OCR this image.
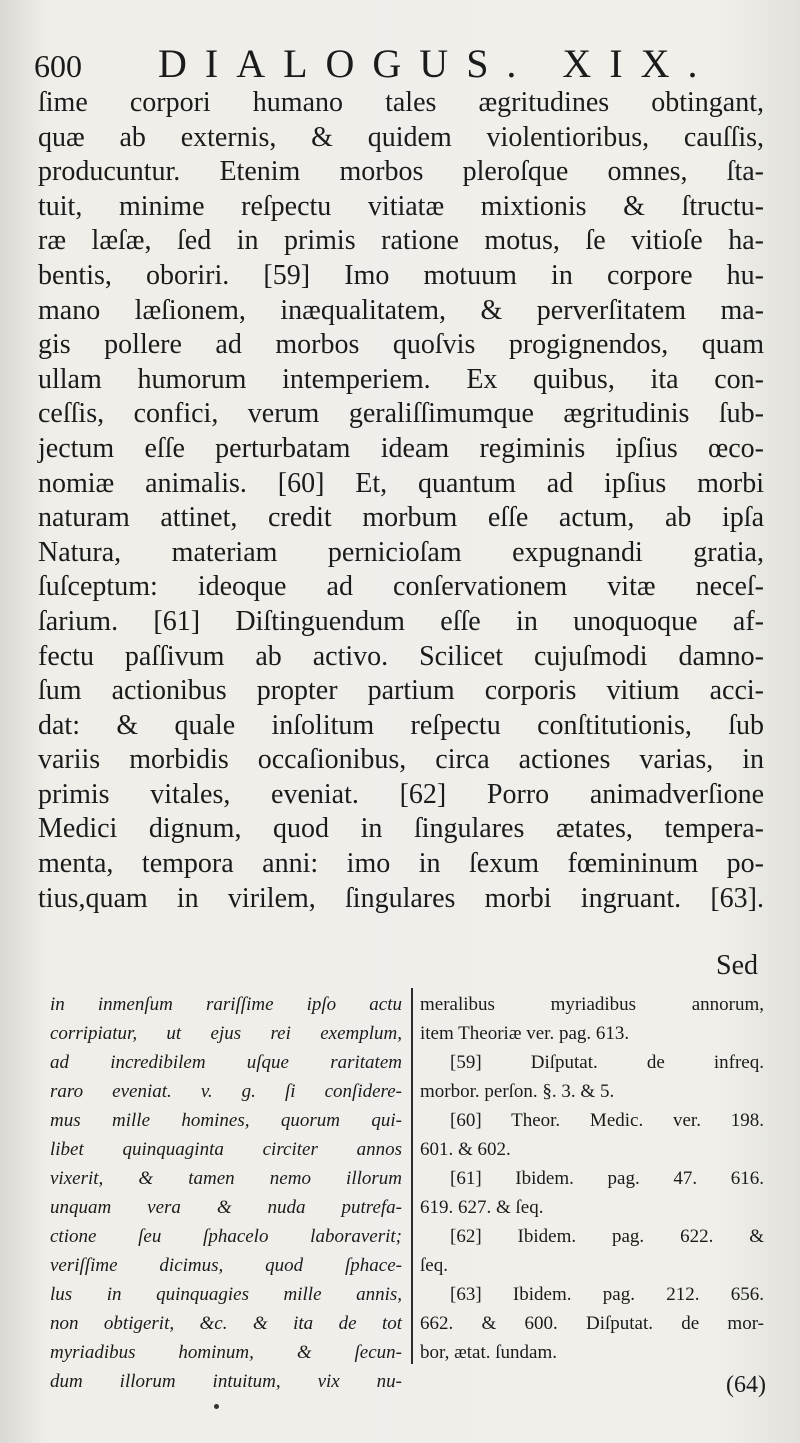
600 DIALOGUS. XIX.
ſime corpori humano tales ægritudines obtingant,
quæ ab externis, & quidem violentioribus, cauſſis,
producuntur. Etenim morbos pleroſque omnes, ſta-
tuit, minime reſpectu vitiatæ mixtionis & ſtructu-
ræ læſæ, ſed in primis ratione motus, ſe vitioſe ha-
bentis, oboriri. [59] Imo motuum in corpore hu-
mano læſionem, inæqualitatem, & perverſitatem ma-
gis pollere ad morbos quoſvis progignendos, quam
ullam humorum intemperiem. Ex quibus, ita con-
ceſſis, confici, verum geraliſſimumque ægritudinis ſub-
jectum eſſe perturbatam ideam regiminis ipſius œco-
nomiæ animalis. [60] Et, quantum ad ipſius morbi
naturam attinet, credit morbum eſſe actum, ab ipſa
Natura, materiam pernicioſam expugnandi gratia,
ſuſceptum: ideoque ad conſervationem vitæ neceſ-
ſarium. [61] Diſtinguendum eſſe in unoquoque af-
fectu paſſivum ab activo. Scilicet cujuſmodi damno-
ſum actionibus propter partium corporis vitium acci-
dat: & quale inſolitum reſpectu conſtitutionis, ſub
variis morbidis occaſionibus, circa actiones varias, in
primis vitales, eveniat. [62] Porro animadverſione
Medici dignum, quod in ſingulares ætates, tempera-
menta, tempora anni: imo in ſexum fœmininum po-
tius,quam in virilem, ſingulares morbi ingruant. [63].
Sed
in inmenſum rariſſime ipſo actu
corripiatur, ut ejus rei exemplum,
ad incredibilem uſque raritatem
raro eveniat. v. g. ſi conſidere-
mus mille homines, quorum qui-
libet quinquaginta circiter annos
vixerit, & tamen nemo illorum
unquam vera & nuda putrefa-
ctione ſeu ſphacelo laboraverit;
veriſſime dicimus, quod ſphace-
lus in quinquagies mille annis,
non obtigerit, &c. & ita de tot
myriadibus hominum, & ſecun-
dum illorum intuitum, vix nu-
meralibus myriadibus annorum,
item Theoriæ ver. pag. 613.
[59] Diſputat. de infreq.
morbor. perſon. §. 3. & 5.
[60] Theor. Medic. ver. 198.
601. & 602.
[61] Ibidem. pag. 47. 616.
619. 627. & ſeq.
[62] Ibidem. pag. 622. &
ſeq.
[63] Ibidem. pag. 212. 656.
662. & 600. Diſputat. de mor-
bor, ætat. ſundam.
(64)
